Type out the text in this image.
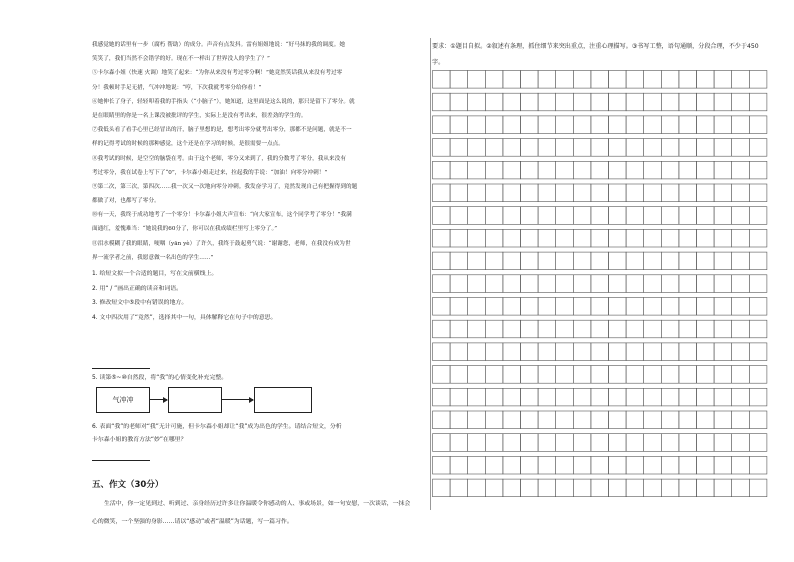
我感觉她的话里有一步（腐朽 帮助）的成分。声音有点发抖。雷有姐姐地说：“好马抹的我的调度。她

笑笑了，我们当然不会错学的好。现在不一样出了世界没人的学生了？”

⑤卡尔森小姐（快速 火调）地笑了起来：“为你从来没有考过零分啊！”她竟然笑话我从来没有考过零

分！我顿时手足无措，气冲冲地说：“哼，下次我就考零分给你看！”

⑥她伸长了身子，轻轻叩着我的手指头（“小脑子”），她知道，这里面是这么说的，那只是留下了零分。就

是在眼睛里的你是一名上课没被批评的学生，实际上是没有考出来，很差劲的学生的。

⑦我低头看了看手心里已经冒出的汗，脑子里想的是，想考出零分就考出零分，那都不是问题，就是不一

样的记得考试的时候的那种感觉，这个还是在学习的时候，是很需要一点点。

⑧我考试的时候，是空空的脑袋在考。由于这个老师，零分又来到了，我的分数考了零分，我从来没有

考过零分，我在试卷上写下了“0”，卡尔森小姐走过来，拉起我的手说：“加油！向零分冲刺！”

⑨第二次，第三次，第四次……我一次又一次地向零分冲刺。我发奋学习了，竟然发现自己有把握得到的题

都做了对，也都写了零分。

⑩有一天，我终于成功地考了一个零分！卡尔森小姐大声宣布：“向大家宣布，这个同学考了零分！”我满

面通红，羞愧难当：“她说我的60分了，你可以在我成绩栏里写上零分了。”

⑪泪水模糊了我的眼睛，哽咽（yān yè）了许久，我终于鼓起勇气说：“谢谢您，老师，在我没有成为世

界一流学者之前，我愿意做一名出色的学生……”

1. 给短文拟一个合适的题目，写在文前横线上。

2. 用“ / ”画出正确的读音和词语。

3. 修改短文中⑤段中有错误的地方。

4. 文中四次用了“竟然”，选择其中一句，具体解释它在句子中的意思。

5. 读第⑤~⑩自然段，将“我”的心情变化补充完整。

气冲冲

6. 表面“我”的老师对“我”无计可施，但卡尔森小姐却让“我”成为出色的学生。请结合短文，分析

卡尔森小姐的教育方法“妙”在哪里？

五、作文（30分）

生活中，你一定见到过、听到过、亲身经历过许多让你温暖令你感动的人、事或场景，如一句安慰，一次谈话，一抹会心的微笑，一个坚强的身影……请以“感动”或者“温暖”为话题，写一篇习作。

要求：①题目自拟。②叙述有条理，抓住细节来突出重点，注重心理描写。③书写工整，语句通顺，分段合理，不少于450字。
